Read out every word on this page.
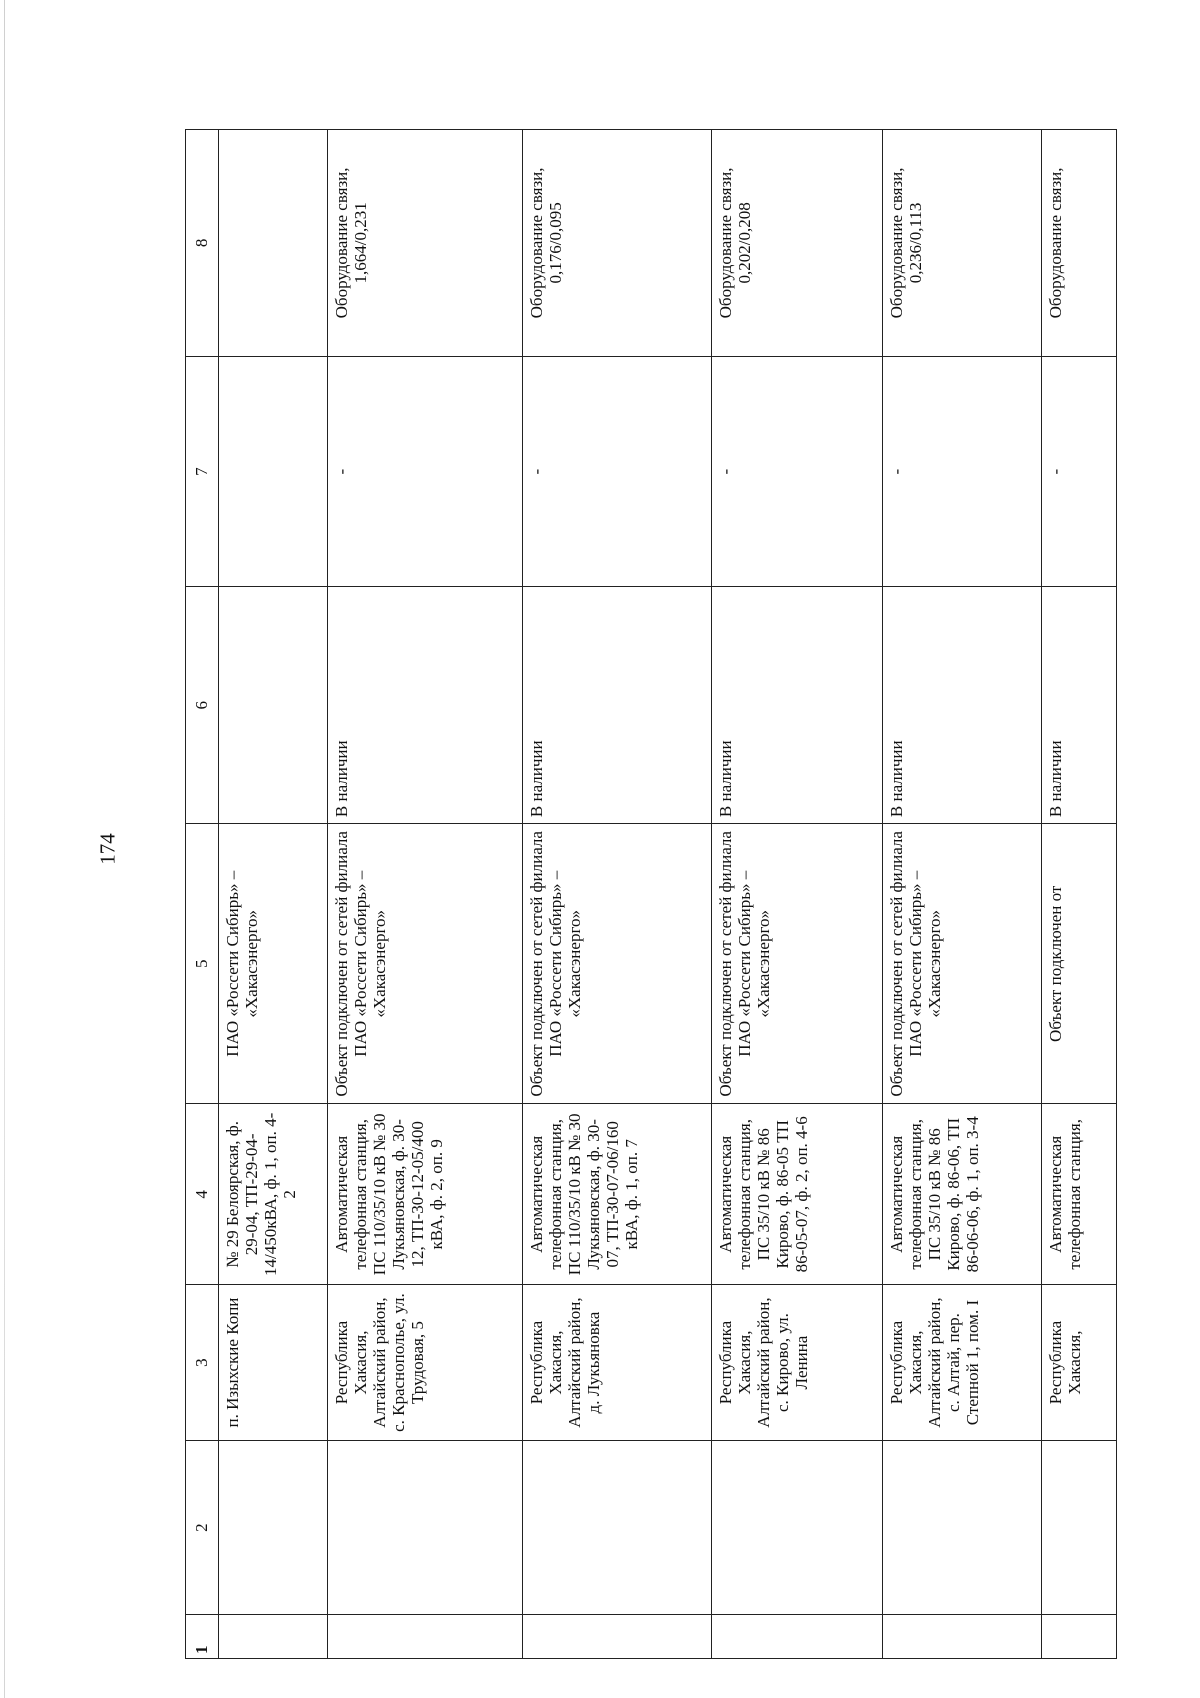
174
1	2	3	4	5	6	7	8
		п. Изыхские Копи	№ 29 Белоярская, ф. 29-04, ТП-29-04-14/450кВА, ф. 1, оп. 4-2	ПАО «Россети Сибирь» – «Хакасэнерго»			
		Республика Хакасия, Алтайский район, с. Краснополье, ул. Трудовая, 5	Автоматическая телефонная станция, ПС 110/35/10 кВ № 30 Лукьяновская, ф. 30-12, ТП-30-12-05/400 кВА, ф. 2, оп. 9	Объект подключен от сетей филиала ПАО «Россети Сибирь» – «Хакасэнерго»	В наличии	-	Оборудование связи, 1,664/0,231
		Республика Хакасия, Алтайский район, д. Лукьяновка	Автоматическая телефонная станция, ПС 110/35/10 кВ № 30 Лукьяновская, ф. 30-07, ТП-30-07-06/160 кВА, ф. 1, оп. 7	Объект подключен от сетей филиала ПАО «Россети Сибирь» – «Хакасэнерго»	В наличии	-	Оборудование связи, 0,176/0,095
		Республика Хакасия, Алтайский район, с. Кирово, ул. Ленина	Автоматическая телефонная станция, ПС 35/10 кВ № 86 Кирово, ф. 86-05 ТП 86-05-07, ф. 2, оп. 4-6	Объект подключен от сетей филиала ПАО «Россети Сибирь» – «Хакасэнерго»	В наличии	-	Оборудование связи, 0,202/0,208
		Республика Хакасия, Алтайский район, с. Алтай, пер. Степной 1, пом. I	Автоматическая телефонная станция, ПС 35/10 кВ № 86 Кирово, ф. 86-06, ТП 86-06-06, ф. 1, оп. 3-4	Объект подключен от сетей филиала ПАО «Россети Сибирь» – «Хакасэнерго»	В наличии	-	Оборудование связи, 0,236/0,113
		Республика Хакасия,	Автоматическая телефонная станция,	Объект подключен от	В наличии	-	Оборудование связи,
